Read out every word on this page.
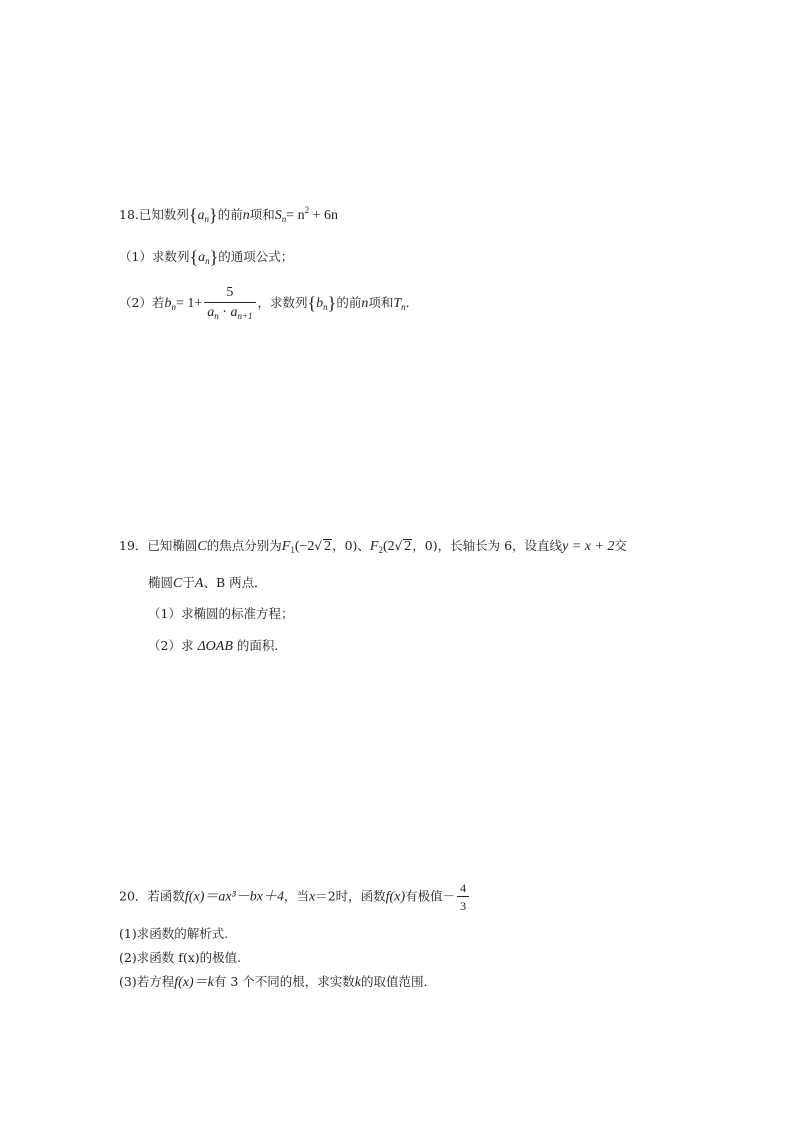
18.已知数列$\{a_n\}$的前n项和$S_n= n^2 + 6n$
（1）求数列$\{a_n\}$的通项公式；
（2）若$b_n= 1+ \frac{5}{a_n \cdot a_{n+1}}$ ，求数列$\{b_n\}$的前n项和$T_n$．
19．已知椭圆C的焦点分别为$F_1(-2√$ 2，0)、$F_2(2√$ 2，0)，长轴长为 6，设直线y = x + 2交
椭圆C于A、B 两点．
（1）求椭圆的标准方程；
（2）求 ΔOAB 的面积．
20．若函数f(x)＝ax³－bx＋4，当x＝2时，函数f(x)有极值－ $\frac{4}{3}$
(1)求函数的解析式.
(2)求函数 f(x)的极值.
(3)若方程f(x)＝k有 3 个不同的根，求实数k的取值范围．
